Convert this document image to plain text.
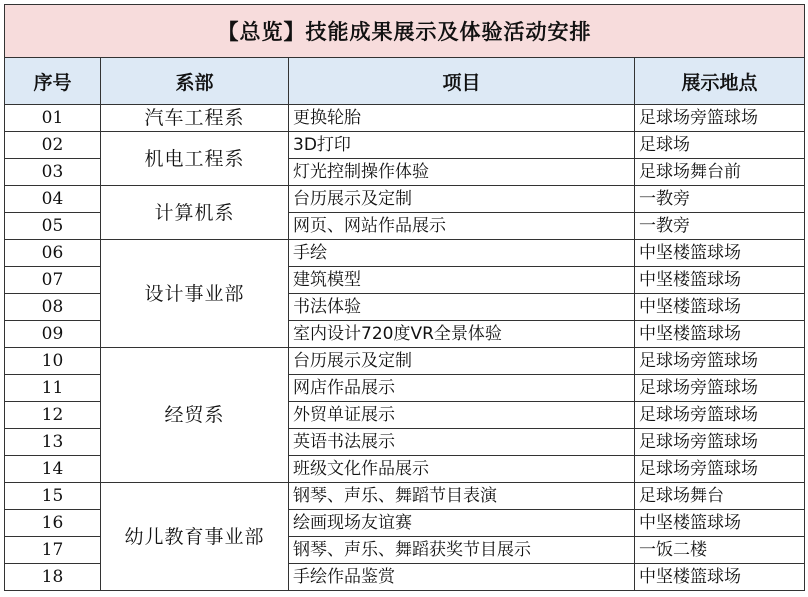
【总览】技能成果展示及体验活动安排			
序号	系部	项目	展示地点
01	汽车工程系	更换轮胎	足球场旁篮球场
02	机电工程系	3D打印	足球场
03		灯光控制操作体验	足球场舞台前
04	计算机系	台历展示及定制	一教旁
05		网页、网站作品展示	一教旁
06	设计事业部	手绘	中坚楼篮球场
07		建筑模型	中坚楼篮球场
08		书法体验	中坚楼篮球场
09		室内设计720度VR全景体验	中坚楼篮球场
10	经贸系	台历展示及定制	足球场旁篮球场
11		网店作品展示	足球场旁篮球场
12		外贸单证展示	足球场旁篮球场
13		英语书法展示	足球场旁篮球场
14		班级文化作品展示	足球场旁篮球场
15	幼儿教育事业部	钢琴、声乐、舞蹈节目表演	足球场舞台
16		绘画现场友谊赛	中坚楼篮球场
17		钢琴、声乐、舞蹈获奖节目展示	一饭二楼
18		手绘作品鉴赏	中坚楼篮球场
